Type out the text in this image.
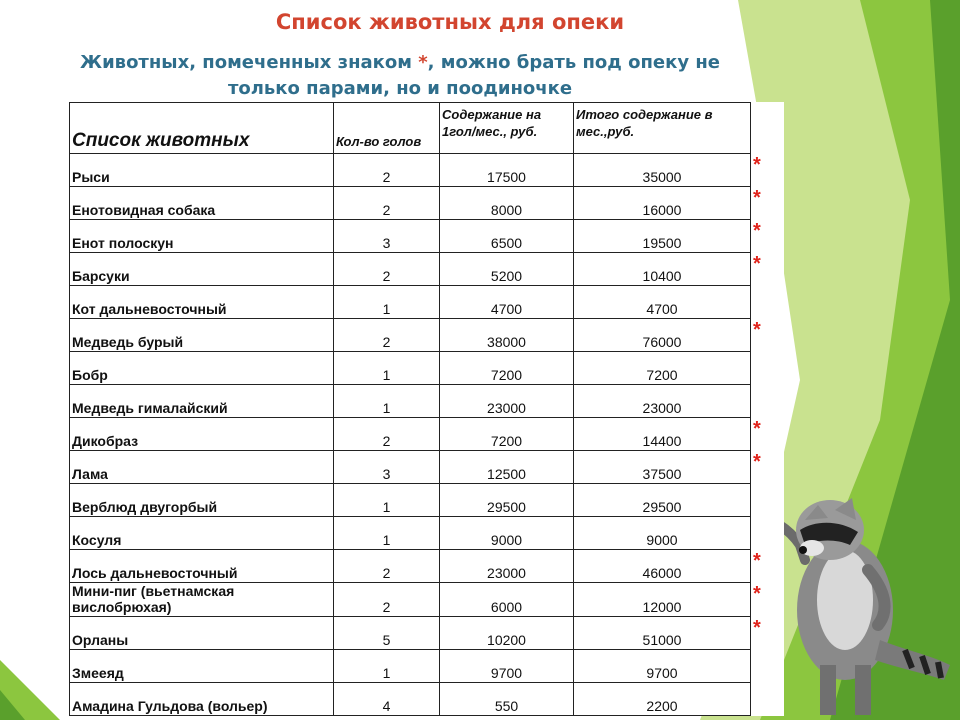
Список животных для опеки
Животных, помеченных знаком *, можно брать под опеку не только парами, но и поодиночке
Список животных	Кол-во голов	Содержание на 1гол/мес., руб.	Итого содержание в мес.,руб.	
Рыси	2	17500	35000	*
Енотовидная собака	2	8000	16000	*
Енот полоскун	3	6500	19500	*
Барсуки	2	5200	10400	*
Кот дальневосточный	1	4700	4700	
Медведь бурый	2	38000	76000	*
Бобр	1	7200	7200	
Медведь гималайский	1	23000	23000	
Дикобраз	2	7200	14400	*
Лама	3	12500	37500	*
Верблюд двугорбый	1	29500	29500	
Косуля	1	9000	9000	
Лось дальневосточный	2	23000	46000	*
Мини-пиг (вьетнамская вислобрюхая)	2	6000	12000	*
Орланы	5	10200	51000	*
Змееяд	1	9700	9700	
Амадина Гульдова (вольер)	4	550	2200	
